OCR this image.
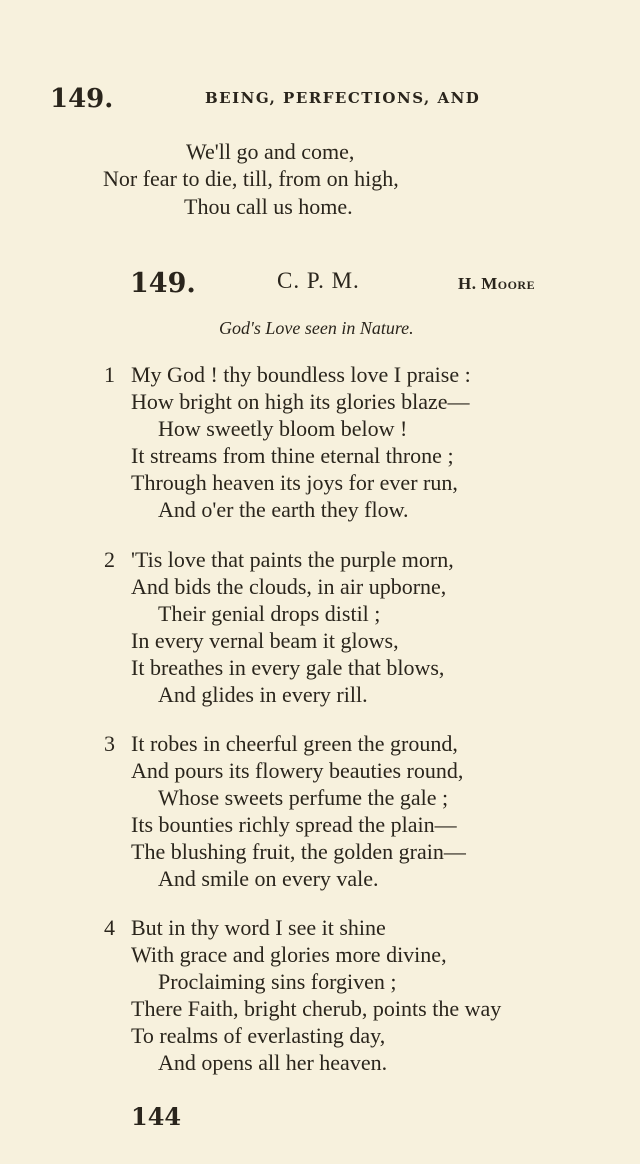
149.	BEING, PERFECTIONS, AND
We'll go and come,
Nor fear to die, till, from on high,
Thou call us home.
149.	C. P. M.	H. Moore
God's Love seen in Nature.
1 My God ! thy boundless love I praise :
How bright on high its glories blaze—
How sweetly bloom below !
It streams from thine eternal throne ;
Through heaven its joys for ever run,
And o'er the earth they flow.
2 'Tis love that paints the purple morn,
And bids the clouds, in air upborne,
Their genial drops distil ;
In every vernal beam it glows,
It breathes in every gale that blows,
And glides in every rill.
3 It robes in cheerful green the ground,
And pours its flowery beauties round,
Whose sweets perfume the gale ;
Its bounties richly spread the plain—
The blushing fruit, the golden grain—
And smile on every vale.
4 But in thy word I see it shine
With grace and glories more divine,
Proclaiming sins forgiven ;
There Faith, bright cherub, points the way
To realms of everlasting day,
And opens all her heaven.
144
